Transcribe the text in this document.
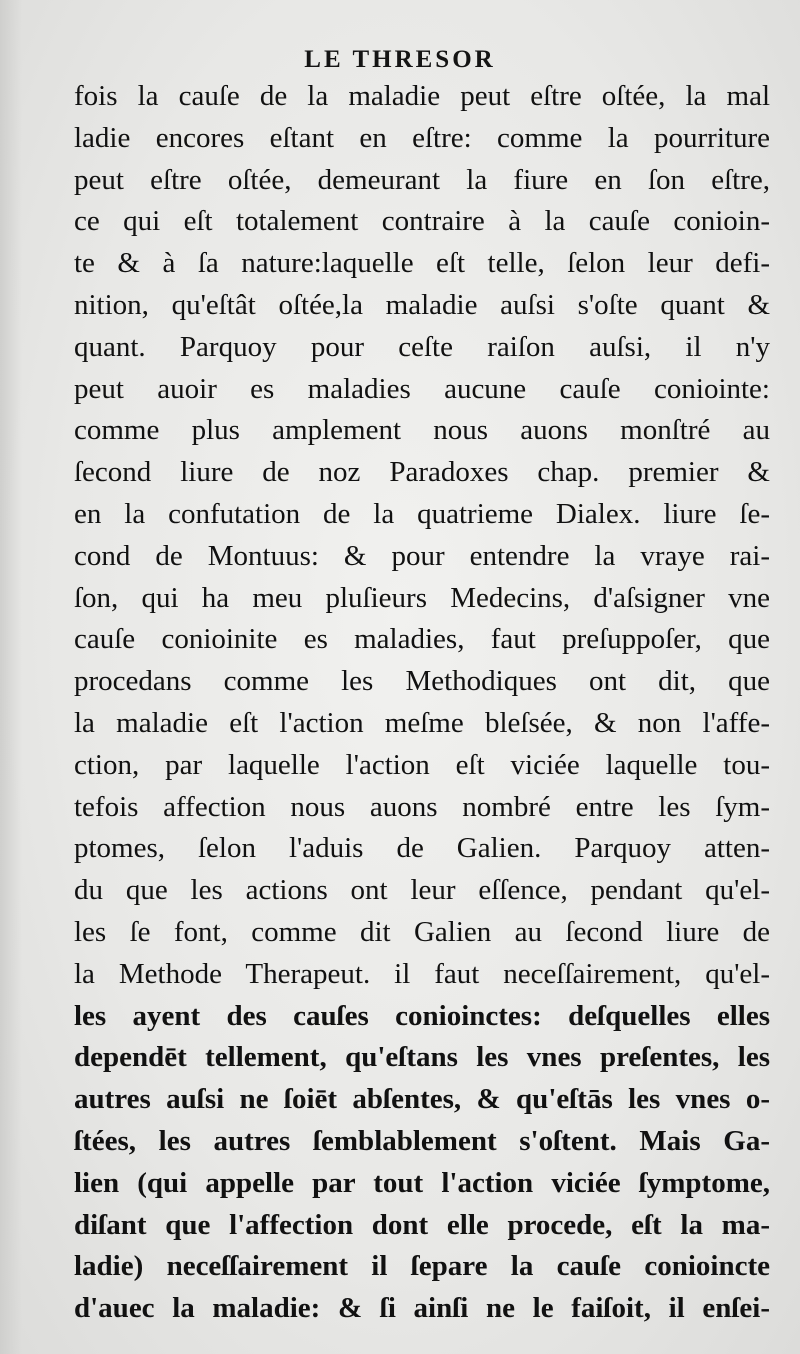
LE THRESOR
fois la cauſe de la maladie peut eſtre oſtée, la mal
ladie encores eſtant en eſtre: comme la pourriture
peut eſtre oſtée, demeurant la fiure en ſon eſtre,
ce qui eſt totalement contraire à la cauſe conioin-
te & à ſa nature:laquelle eſt telle, ſelon leur defi-
nition, qu'eſtât oſtée,la maladie auſsi s'oſte quant &
quant. Parquoy pour ceſte raiſon auſsi, il n'y
peut auoir es maladies aucune cauſe coniointe:
comme plus amplement nous auons monſtré au
ſecond liure de noz Paradoxes chap. premier &
en la confutation de la quatrieme Dialex. liure ſe-
cond de Montuus: & pour entendre la vraye rai-
ſon, qui ha meu pluſieurs Medecins, d'aſsigner vne
cauſe conioinite es maladies, faut preſuppoſer, que
procedans comme les Methodiques ont dit, que
la maladie eſt l'action meſme bleſsée, & non l'affe-
ction, par laquelle l'action eſt viciée laquelle tou-
tefois affection nous auons nombré entre les ſym-
ptomes, ſelon l'aduis de Galien. Parquoy atten-
du que les actions ont leur eſſence, pendant qu'el-
les ſe font, comme dit Galien au ſecond liure de
la Methode Therapeut. il faut neceſſairement, qu'el-
les ayent des cauſes conioinctes: deſquelles elles
dependēt tellement, qu'eſtans les vnes preſentes, les
autres auſsi ne ſoiēt abſentes, & qu'eſtās les vnes o-
ſtées, les autres ſemblablement s'oſtent. Mais Ga-
lien (qui appelle par tout l'action viciée ſymptome,
diſant que l'affection dont elle procede, eſt la ma-
ladie) neceſſairement il ſepare la cauſe conioincte
d'auec la maladie: & ſi ainſi ne le faiſoit, il enſei-
